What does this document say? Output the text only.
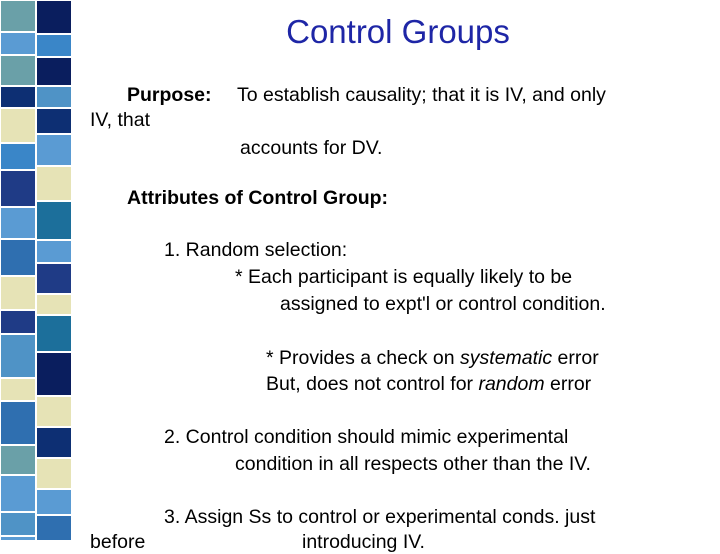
Control Groups
Purpose: To establish causality; that it is IV, and only
IV, that
accounts for DV.
Attributes of Control Group:
1. Random selection:
* Each participant is equally likely to be
assigned to expt'l or control condition.
* Provides a check on systematic error
But, does not control for random error
2. Control condition should mimic experimental
condition in all respects other than the IV.
3. Assign Ss to control or experimental conds. just
before	introducing IV.
